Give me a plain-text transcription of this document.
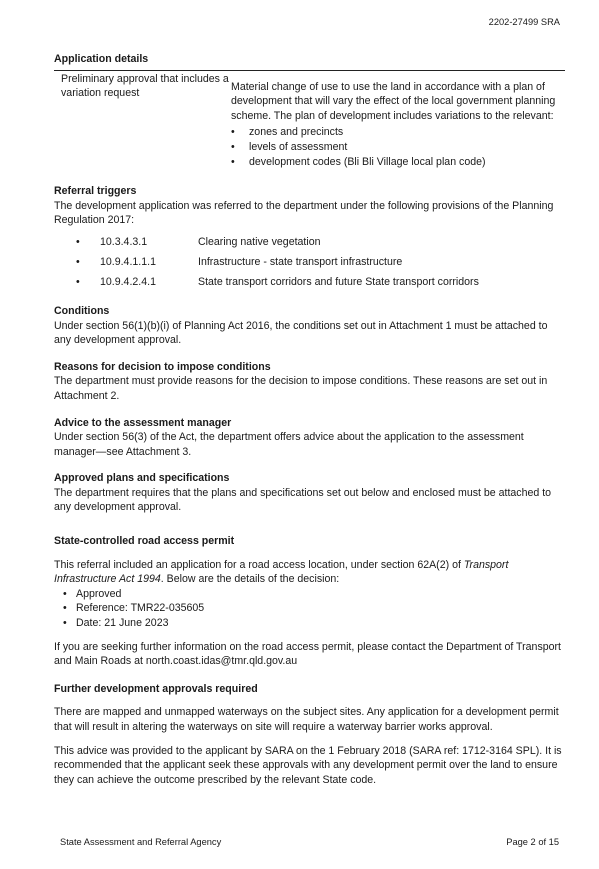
2202-27499 SRA

Application details

Preliminary approval that includes a variation request

Material change of use to use the land in accordance with a plan of development that will vary the effect of the local government planning scheme. The plan of development includes variations to the relevant:

• zones and precincts
• levels of assessment
• development codes (Bli Bli Village local plan code)

Referral triggers

The development application was referred to the department under the following provisions of the Planning Regulation 2017:

•	10.3.4.3.1	Clearing native vegetation
•	10.9.4.1.1.1	Infrastructure - state transport infrastructure
•	10.9.4.2.4.1	State transport corridors and future State transport corridors

Conditions

Under section 56(1)(b)(i) of Planning Act 2016, the conditions set out in Attachment 1 must be attached to any development approval.

Reasons for decision to impose conditions

The department must provide reasons for the decision to impose conditions. These reasons are set out in Attachment 2.

Advice to the assessment manager

Under section 56(3) of the Act, the department offers advice about the application to the assessment manager—see Attachment 3.

Approved plans and specifications

The department requires that the plans and specifications set out below and enclosed must be attached to any development approval.

State-controlled road access permit

This referral included an application for a road access location, under section 62A(2) of Transport Infrastructure Act 1994. Below are the details of the decision:

• Approved
• Reference: TMR22-035605
• Date: 21 June 2023

If you are seeking further information on the road access permit, please contact the Department of Transport and Main Roads at north.coast.idas@tmr.qld.gov.au

Further development approvals required

There are mapped and unmapped waterways on the subject sites. Any application for a development permit that will result in altering the waterways on site will require a waterway barrier works approval.

This advice was provided to the applicant by SARA on the 1 February 2018 (SARA ref: 1712-3164 SPL). It is recommended that the applicant seek these approvals with any development permit over the land to ensure they can achieve the outcome prescribed by the relevant State code.

State Assessment and Referral Agency	Page 2 of 15
